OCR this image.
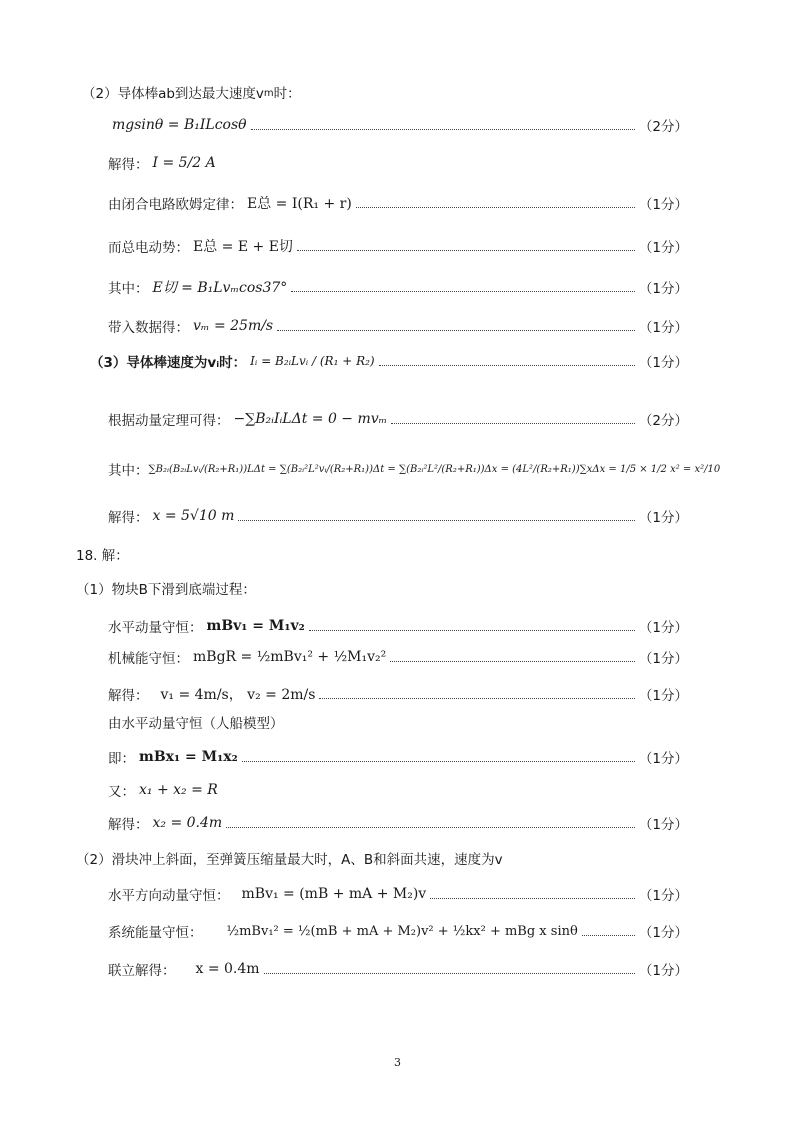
（2）导体棒ab到达最大速度v m 时：
mgsinθ = B₁ILcosθ	（2分）
解得： I = 5/2 A
由闭合电路欧姆定律： E总 = I(R₁ + r)	（1分）
而总电动势： E总 = E + E切	（1分）
其中： E切 = B₁Lvₘcos37°	（1分）
带入数据得： vₘ = 25m/s	（1分）
（3）导体棒速度为vᵢ时： Iᵢ = B₂ᵢLvᵢ / (R₁ + R₂)	（1分）
根据动量定理可得： −∑B₂ᵢIᵢLΔt = 0 − mvₘ	（2分）
其中： ∑B₂ᵢ(B₂ᵢLvᵢ/(R₂+R₁))LΔt = ∑(B₂ᵢ²L²vᵢ/(R₂+R₁))Δt = ∑(B₂ᵢ²L²/(R₂+R₁))Δx = (4L²/(R₂+R₁))∑xΔx = 1/5 × 1/2 x² = x²/10
解得： x = 5√10 m	（1分）
18. 解：
（1）物块B下滑到底端过程：
水平动量守恒： mBv₁ = M₁v₂	（1分）
机械能守恒： mBgR = ½mBv₁² + ½M₁v₂²	（1分）
解得： v₁ = 4m/s， v₂ = 2m/s	（1分）
由水平动量守恒（人船模型）
即： mBx₁ = M₁x₂	（1分）
又： x₁ + x₂ = R
解得： x₂ = 0.4m	（1分）
（2）滑块冲上斜面，至弹簧压缩量最大时，A、B和斜面共速，速度为v
水平方向动量守恒： mBv₁ = (mB + mA + M₂)v	（1分）
系统能量守恒： ½mBv₁² = ½(mB + mA + M₂)v² + ½kx² + mBg x sinθ	（1分）
联立解得： x = 0.4m	（1分）
3
